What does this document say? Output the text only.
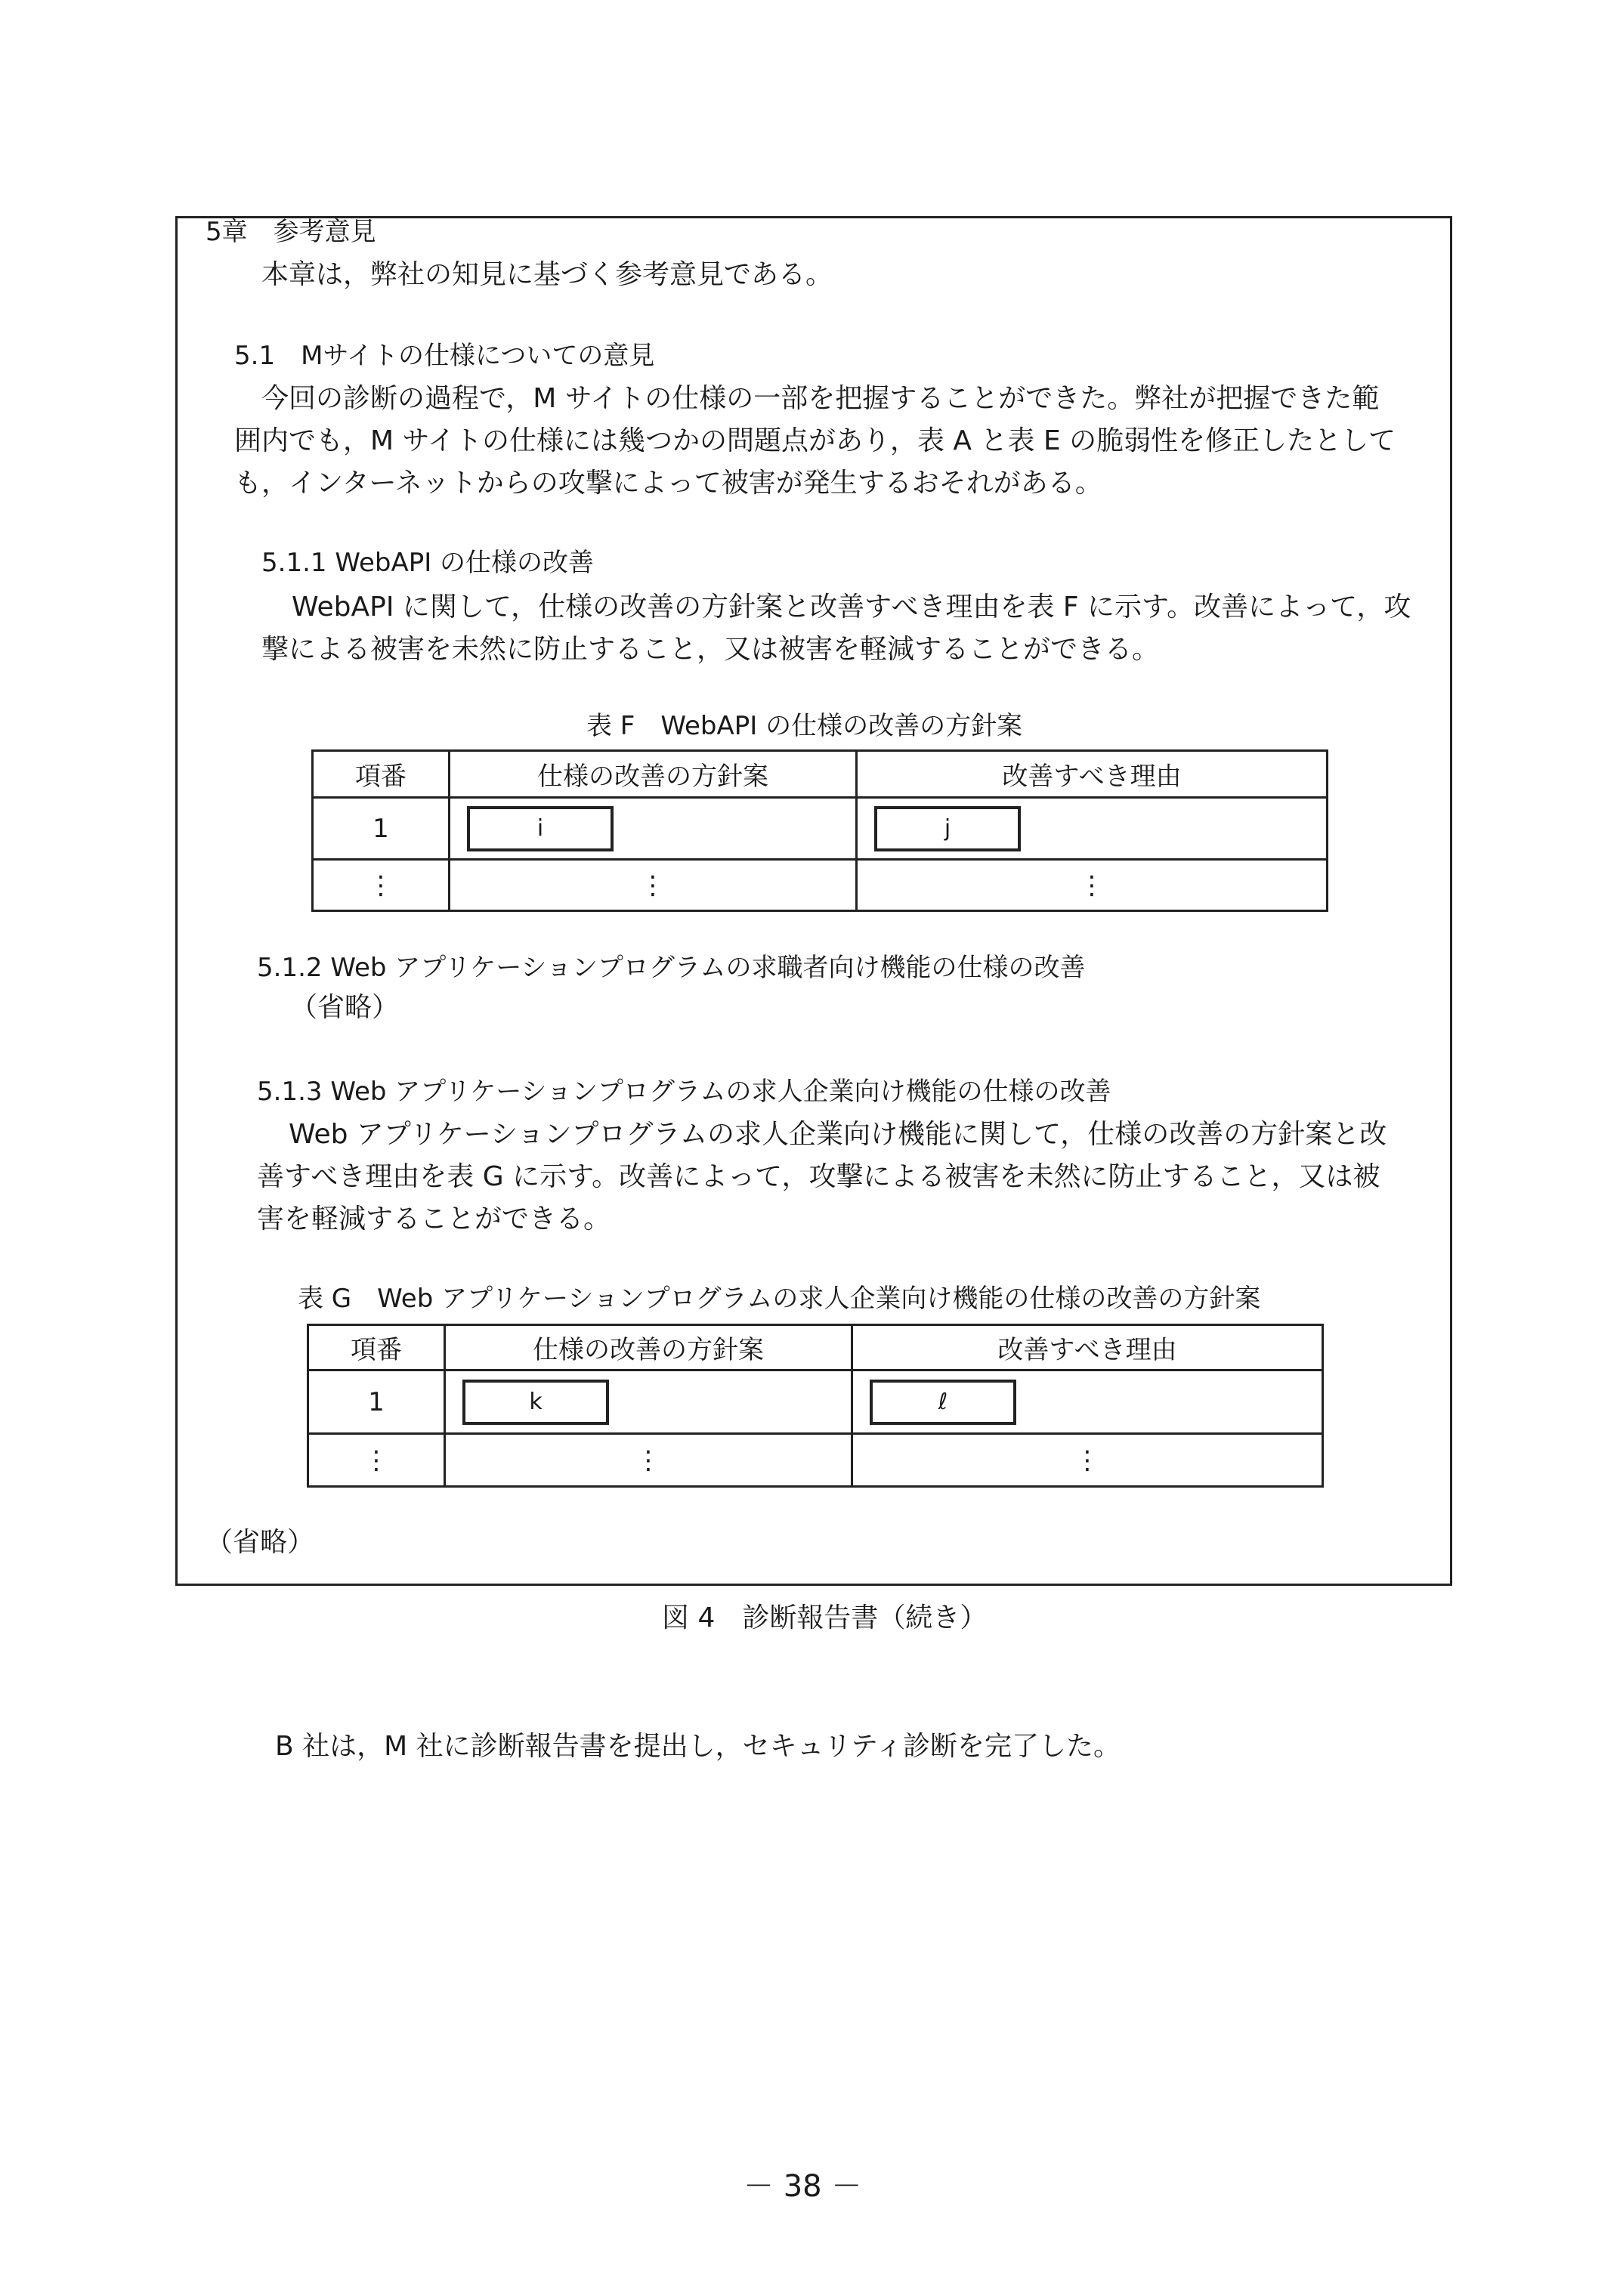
5章　参考意見
本章は，弊社の知見に基づく参考意見である。
5.1　Mサイトの仕様についての意見
今回の診断の過程で，M サイトの仕様の一部を把握することができた。弊社が把握できた範
囲内でも，M サイトの仕様には幾つかの問題点があり，表 A と表 E の脆弱性を修正したとして
も，インターネットからの攻撃によって被害が発生するおそれがある。
5.1.1 WebAPI の仕様の改善
WebAPI に関して，仕様の改善の方針案と改善すべき理由を表 F に示す。改善によって，攻
撃による被害を未然に防止すること，又は被害を軽減することができる。
表 F　WebAPI の仕様の改善の方針案
項番	仕様の改善の方針案	改善すべき理由
1	i	j
⋮	⋮	⋮
5.1.2 Web アプリケーションプログラムの求職者向け機能の仕様の改善
（省略）
5.1.3 Web アプリケーションプログラムの求人企業向け機能の仕様の改善
Web アプリケーションプログラムの求人企業向け機能に関して，仕様の改善の方針案と改
善すべき理由を表 G に示す。改善によって，攻撃による被害を未然に防止すること，又は被
害を軽減することができる。
表 G　Web アプリケーションプログラムの求人企業向け機能の仕様の改善の方針案
項番	仕様の改善の方針案	改善すべき理由
1	k	ℓ
⋮	⋮	⋮
（省略）
図 4　診断報告書（続き）
B 社は，M 社に診断報告書を提出し，セキュリティ診断を完了した。
－ 38 －
